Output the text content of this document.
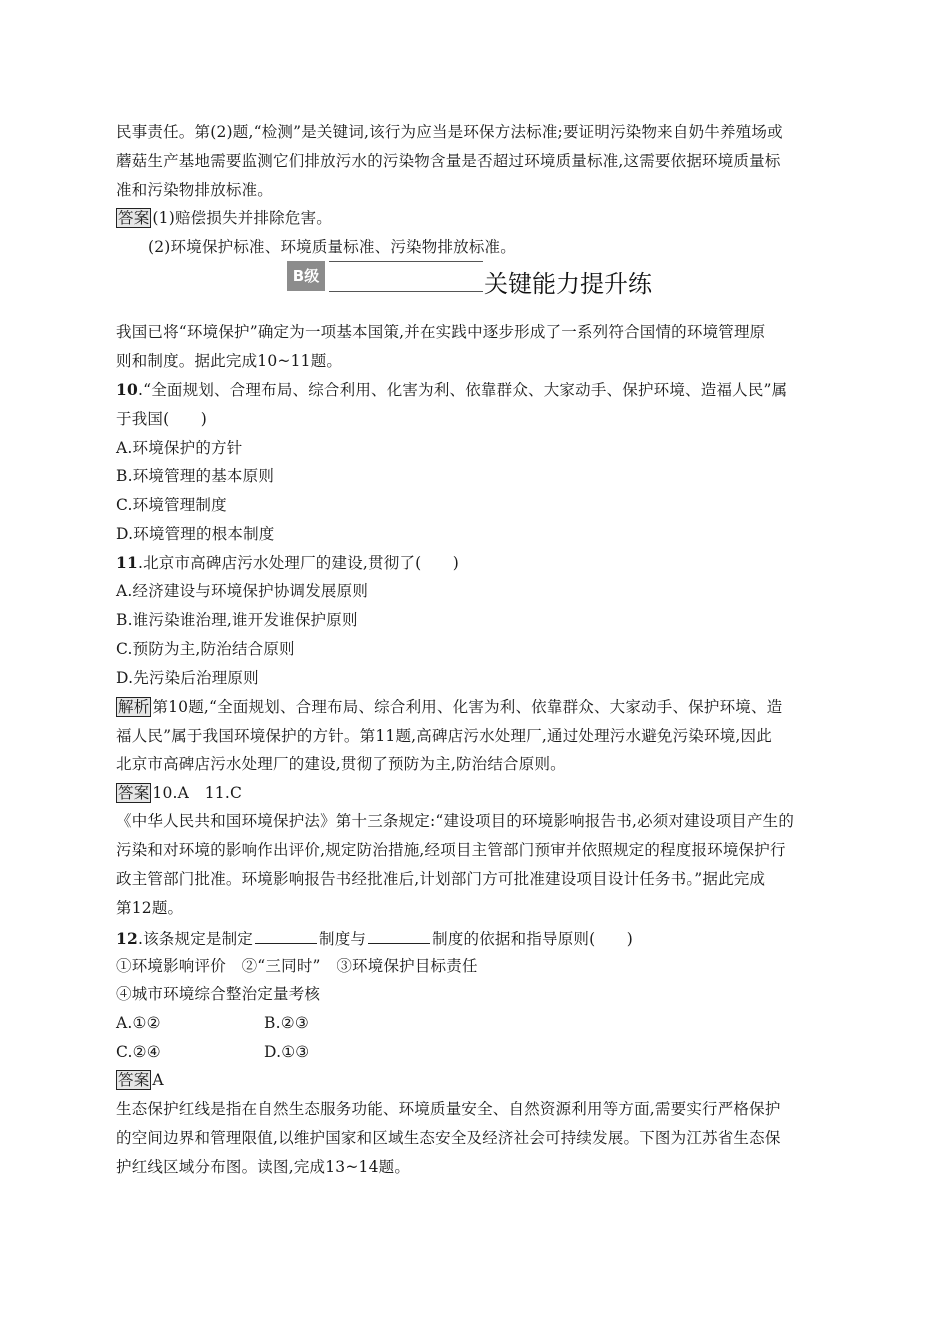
民事责任。第(2)题,“检测”是关键词,该行为应当是环保方法标准;要证明污染物来自奶牛养殖场或
蘑菇生产基地需要监测它们排放污水的污染物含量是否超过环境质量标准,这需要依据环境质量标
准和污染物排放标准。
答案 (1)赔偿损失并排除危害。
(2)环境保护标准、环境质量标准、污染物排放标准。
B级	关键能力提升练
我国已将“环境保护”确定为一项基本国策,并在实践中逐步形成了一系列符合国情的环境管理原
则和制度。据此完成10~11题。
10.“全面规划、合理布局、综合利用、化害为利、依靠群众、大家动手、保护环境、造福人民”属
于我国(　　)
A.环境保护的方针
B.环境管理的基本原则
C.环境管理制度
D.环境管理的根本制度
11.北京市高碑店污水处理厂的建设,贯彻了(　　)
A.经济建设与环境保护协调发展原则
B.谁污染谁治理,谁开发谁保护原则
C.预防为主,防治结合原则
D.先污染后治理原则
解析 第10题,“全面规划、合理布局、综合利用、化害为利、依靠群众、大家动手、保护环境、造
福人民”属于我国环境保护的方针。第11题,高碑店污水处理厂,通过处理污水避免污染环境,因此
北京市高碑店污水处理厂的建设,贯彻了预防为主,防治结合原则。
答案 10.A　11.C
《中华人民共和国环境保护法》第十三条规定:“建设项目的环境影响报告书,必须对建设项目产生的
污染和对环境的影响作出评价,规定防治措施,经项目主管部门预审并依照规定的程度报环境保护行
政主管部门批准。环境影响报告书经批准后,计划部门方可批准建设项目设计任务书。”据此完成
第12题。
12.该条规定是制定	制度与	制度的依据和指导原则(　　)
①环境影响评价　②“三同时”　③环境保护目标责任
④城市环境综合整治定量考核
A.①②	B.②③
C.②④	D.①③
答案 A
生态保护红线是指在自然生态服务功能、环境质量安全、自然资源利用等方面,需要实行严格保护
的空间边界和管理限值,以维护国家和区域生态安全及经济社会可持续发展。下图为江苏省生态保
护红线区域分布图。读图,完成13~14题。
